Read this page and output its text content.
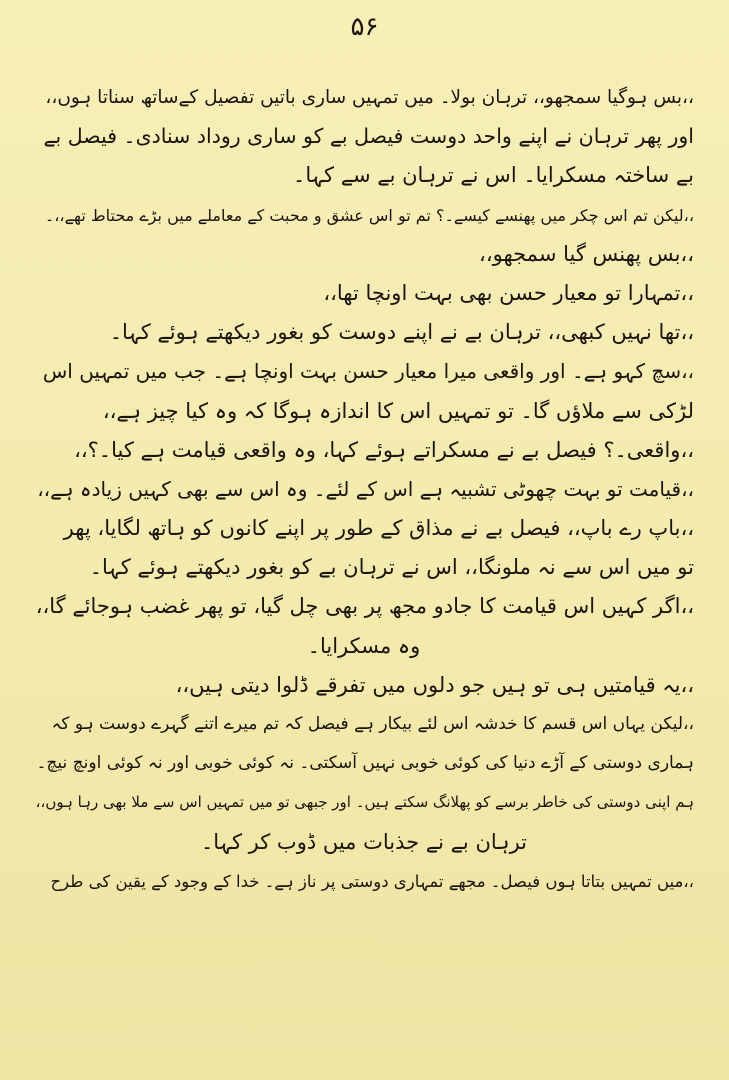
۵۶
،،بس ہوگیا سمجھو،، ترہان بولا۔ میں تمہیں ساری باتیں تفصیل کےساتھ سناتا ہوں،،
اور پھر ترہان نے اپنے واحد دوست فیصل بے کو ساری روداد سنادی۔ فیصل بے
بے ساختہ مسکرایا۔ اس نے ترہان بے سے کہا۔
،،لیکن تم اس چکر میں پھنسے کیسے۔؟ تم تو اس عشق و محبت کے معاملے میں بڑے محتاط تھے،،۔
،،بس پھنس گیا سمجھو،،
،،تمہارا تو معیار حسن بھی بہت اونچا تھا،،
،،تھا نہیں کبھی،، ترہان بے نے اپنے دوست کو بغور دیکھتے ہوئے کہا۔
،،سچ کہو ہے۔ اور واقعی میرا معیار حسن بہت اونچا ہے۔ جب میں تمہیں اس
لڑکی سے ملاؤں گا۔ تو تمہیں اس کا اندازہ ہوگا کہ وہ کیا چیز ہے،،
،،واقعی۔؟ فیصل بے نے مسکراتے ہوئے کہا، وہ واقعی قیامت ہے کیا۔؟،،
،،قیامت تو بہت چھوٹی تشبیہ ہے اس کے لئے۔ وہ اس سے بھی کہیں زیادہ ہے،،
،،باپ رے باپ،، فیصل بے نے مذاق کے طور پر اپنے کانوں کو ہاتھ لگایا، پھر
تو میں اس سے نہ ملونگا،، اس نے ترہان بے کو بغور دیکھتے ہوئے کہا۔
،،اگر کہیں اس قیامت کا جادو مجھ پر بھی چل گیا، تو پھر غضب ہوجائے گا،،
وہ مسکرایا۔
،،یہ قیامتیں ہی تو ہیں جو دلوں میں تفرقے ڈلوا دیتی ہیں،،
،،لیکن یہاں اس قسم کا خدشہ اس لئے بیکار ہے فیصل کہ تم میرے اتنے گہرے دوست ہو کہ
ہماری دوستی کے آڑے دنیا کی کوئی خوبی نہیں آسکتی۔ نہ کوئی خوبی اور نہ کوئی اونچ نیچ۔
ہم اپنی دوستی کی خاطر برسے کو پھلانگ سکتے ہیں۔ اور جبھی تو میں تمہیں اس سے ملا بھی رہا ہوں،،
ترہان بے نے جذبات میں ڈوب کر کہا۔
،،میں تمہیں بتاتا ہوں فیصل۔ مجھے تمہاری دوستی پر ناز ہے۔ خدا کے وجود کے یقین کی طرح
